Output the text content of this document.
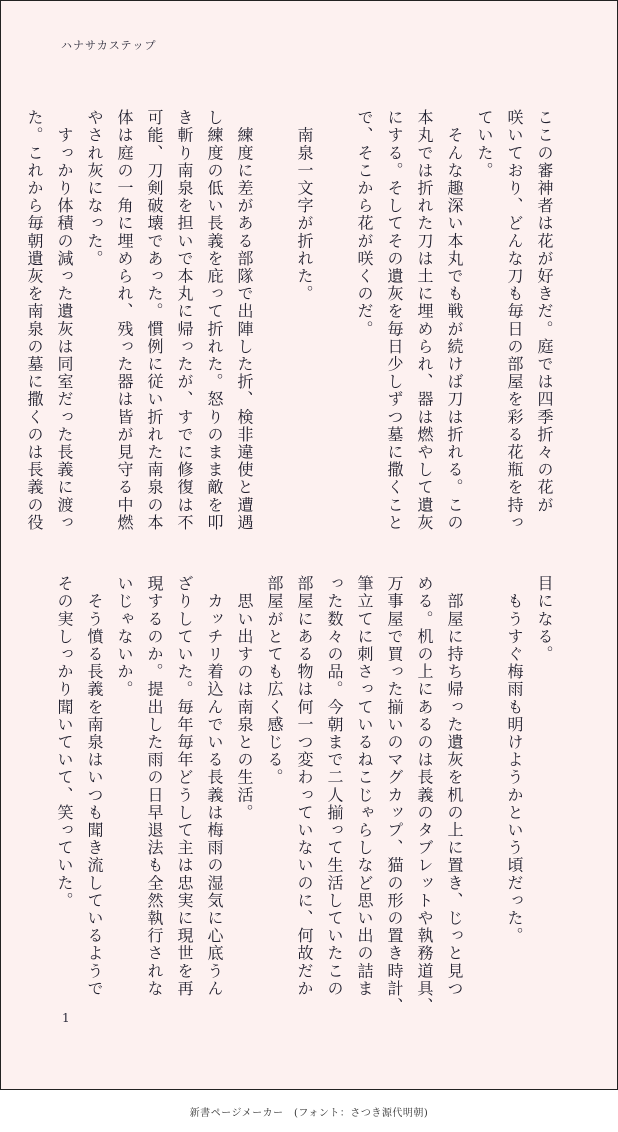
ハナサカステップ
ここの審神者は花が好きだ。庭では四季折々の花が
咲いており、どんな刀も毎日の部屋を彩る花瓶を持っ
ていた。
　そんな趣深い本丸でも戦が続けば刀は折れる。この
本丸では折れた刀は土に埋められ、器は燃やして遺灰
にする。そしてその遺灰を毎日少しずつ墓に撒くこと
で、そこから花が咲くのだ。

　南泉一文字が折れた。

　練度に差がある部隊で出陣した折、検非違使と遭遇
し練度の低い長義を庇って折れた。怒りのまま敵を叩
き斬り南泉を担いで本丸に帰ったが、すでに修復は不
可能、刀剣破壊であった。慣例に従い折れた南泉の本
体は庭の一角に埋められ、残った器は皆が見守る中燃
やされ灰になった。
　すっかり体積の減った遺灰は同室だった長義に渡っ
た。これから毎朝遺灰を南泉の墓に撒くのは長義の役
目になる。
　もうすぐ梅雨も明けようかという頃だった。

　部屋に持ち帰った遺灰を机の上に置き、じっと見つ
める。机の上にあるのは長義のタブレットや執務道具、
万事屋で買った揃いのマグカップ、猫の形の置き時計、
筆立てに刺さっているねこじゃらしなど思い出の詰ま
った数々の品。今朝まで二人揃って生活していたこの
部屋にある物は何一つ変わっていないのに、何故だか
部屋がとても広く感じる。
　思い出すのは南泉との生活。
　カッチリ着込んでいる長義は梅雨の湿気に心底うん
ざりしていた。毎年毎年どうして主は忠実に現世を再
現するのか。提出した雨の日早退法も全然執行されな
いじゃないか。
　そう憤る長義を南泉はいつも聞き流しているようで
その実しっかり聞いていて、笑っていた。
1
新書ページメーカー　(フォント：さつき源代明朝)
